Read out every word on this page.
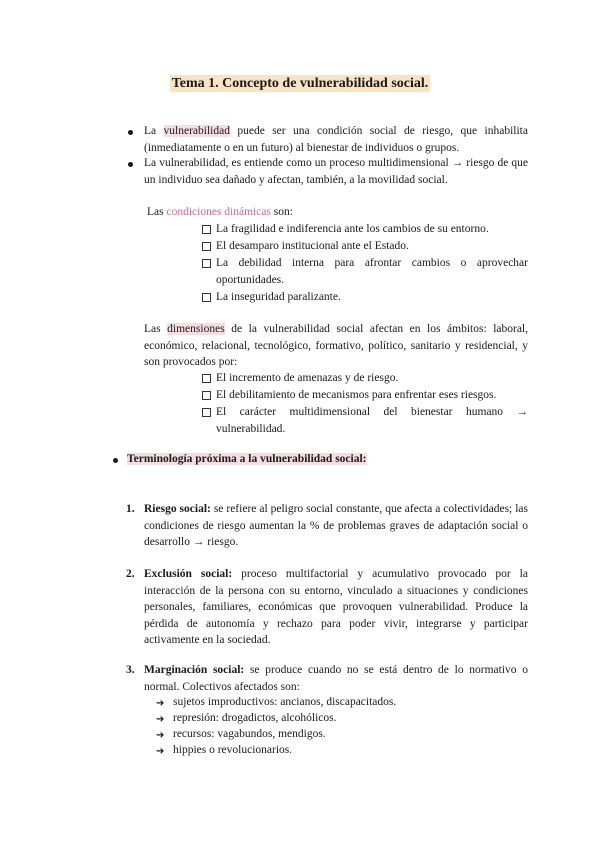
Tema 1. Concepto de vulnerabilidad social.
La vulnerabilidad puede ser una condición social de riesgo, que inhabilita (inmediatamente o en un futuro) al bienestar de individuos o grupos.
La vulnerabilidad, es entiende como un proceso multidimensional → riesgo de que un individuo sea dañado y afectan, también, a la movilidad social.
Las condiciones dinámicas son:
La fragilidad e indiferencia ante los cambios de su entorno.
El desamparo institucional ante el Estado.
La debilidad interna para afrontar cambios o aprovechar oportunidades.
La inseguridad paralizante.
Las dimensiones de la vulnerabilidad social afectan en los ámbitos: laboral, económico, relacional, tecnológico, formativo, político, sanitario y residencial, y son provocados por:
El incremento de amenazas y de riesgo.
El debilitamiento de mecanismos para enfrentar eses riesgos.
El carácter multidimensional del bienestar humano → vulnerabilidad.
Terminología próxima a la vulnerabilidad social:
1. Riesgo social: se refiere al peligro social constante, que afecta a colectividades; las condiciones de riesgo aumentan la % de problemas graves de adaptación social o desarrollo → riesgo.
2. Exclusión social: proceso multifactorial y acumulativo provocado por la interacción de la persona con su entorno, vinculado a situaciones y condiciones personales, familiares, económicas que provoquen vulnerabilidad. Produce la pérdida de autonomía y rechazo para poder vivir, integrarse y participar activamente en la sociedad.
3. Marginación social: se produce cuando no se está dentro de lo normativo o normal. Colectivos afectados son:
➔ sujetos improductivos: ancianos, discapacitados.
➔ represión: drogadictos, alcohólicos.
➔ recursos: vagabundos, mendigos.
➔ hippies o revolucionarios.
